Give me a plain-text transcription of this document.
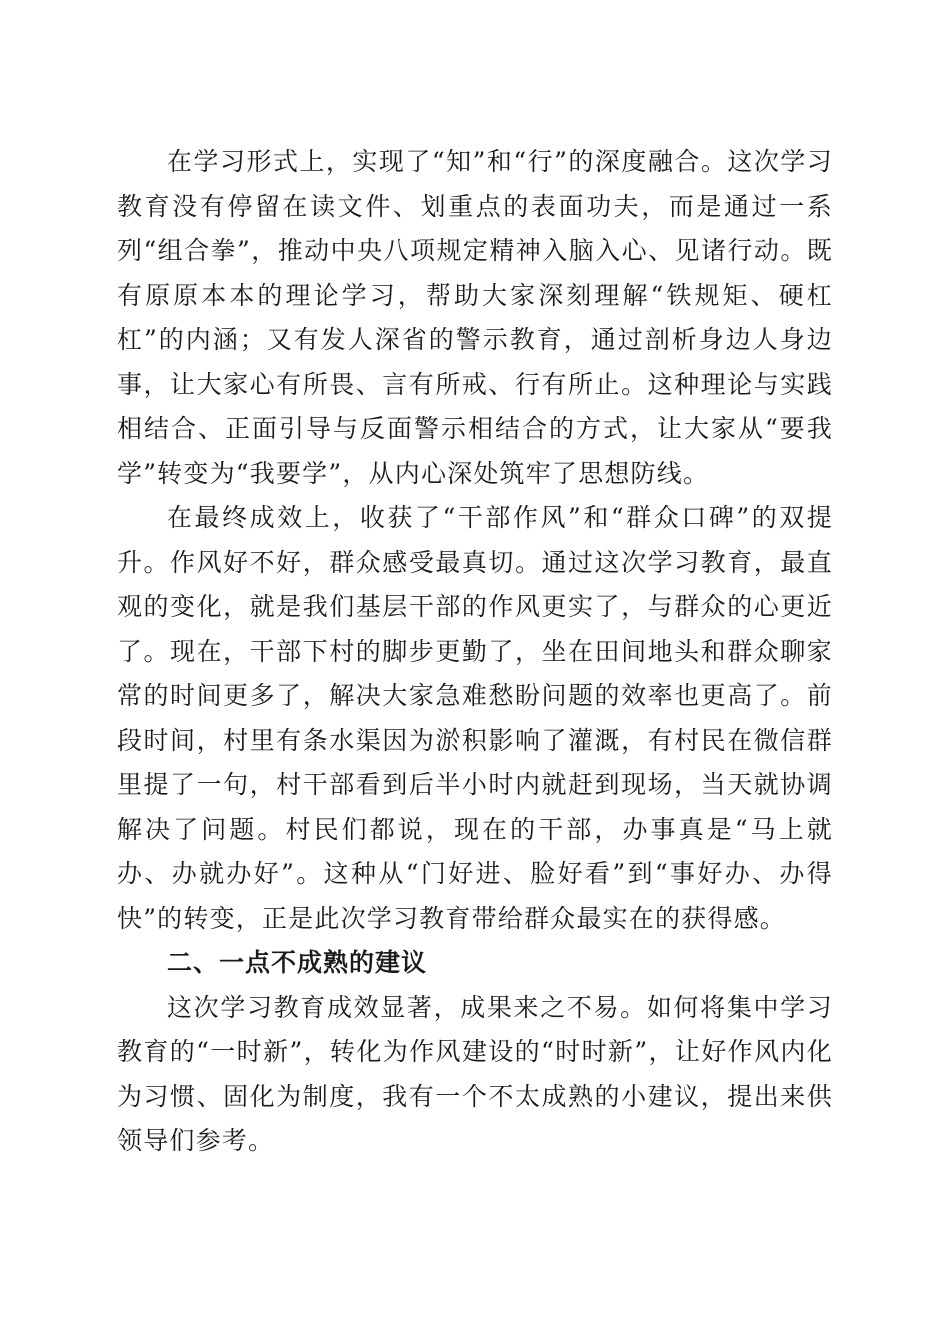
在学习形式上，实现了“知”和“行”的深度融合。这次学习教育没有停留在读文件、划重点的表面功夫，而是通过一系列“组合拳”，推动中央八项规定精神入脑入心、见诸行动。既有原原本本的理论学习，帮助大家深刻理解“铁规矩、硬杠杠”的内涵；又有发人深省的警示教育，通过剖析身边人身边事，让大家心有所畏、言有所戒、行有所止。这种理论与实践相结合、正面引导与反面警示相结合的方式，让大家从“要我学”转变为“我要学”，从内心深处筑牢了思想防线。

在最终成效上，收获了“干部作风”和“群众口碑”的双提升。作风好不好，群众感受最真切。通过这次学习教育，最直观的变化，就是我们基层干部的作风更实了，与群众的心更近了。现在，干部下村的脚步更勤了，坐在田间地头和群众聊家常的时间更多了，解决大家急难愁盼问题的效率也更高了。前段时间，村里有条水渠因为淤积影响了灌溉，有村民在微信群里提了一句，村干部看到后半小时内就赶到现场，当天就协调解决了问题。村民们都说，现在的干部，办事真是“马上就办、办就办好”。这种从“门好进、脸好看”到“事好办、办得快”的转变，正是此次学习教育带给群众最实在的获得感。

二、一点不成熟的建议

这次学习教育成效显著，成果来之不易。如何将集中学习教育的“一时新”，转化为作风建设的“时时新”，让好作风内化为习惯、固化为制度，我有一个不太成熟的小建议，提出来供领导们参考。
